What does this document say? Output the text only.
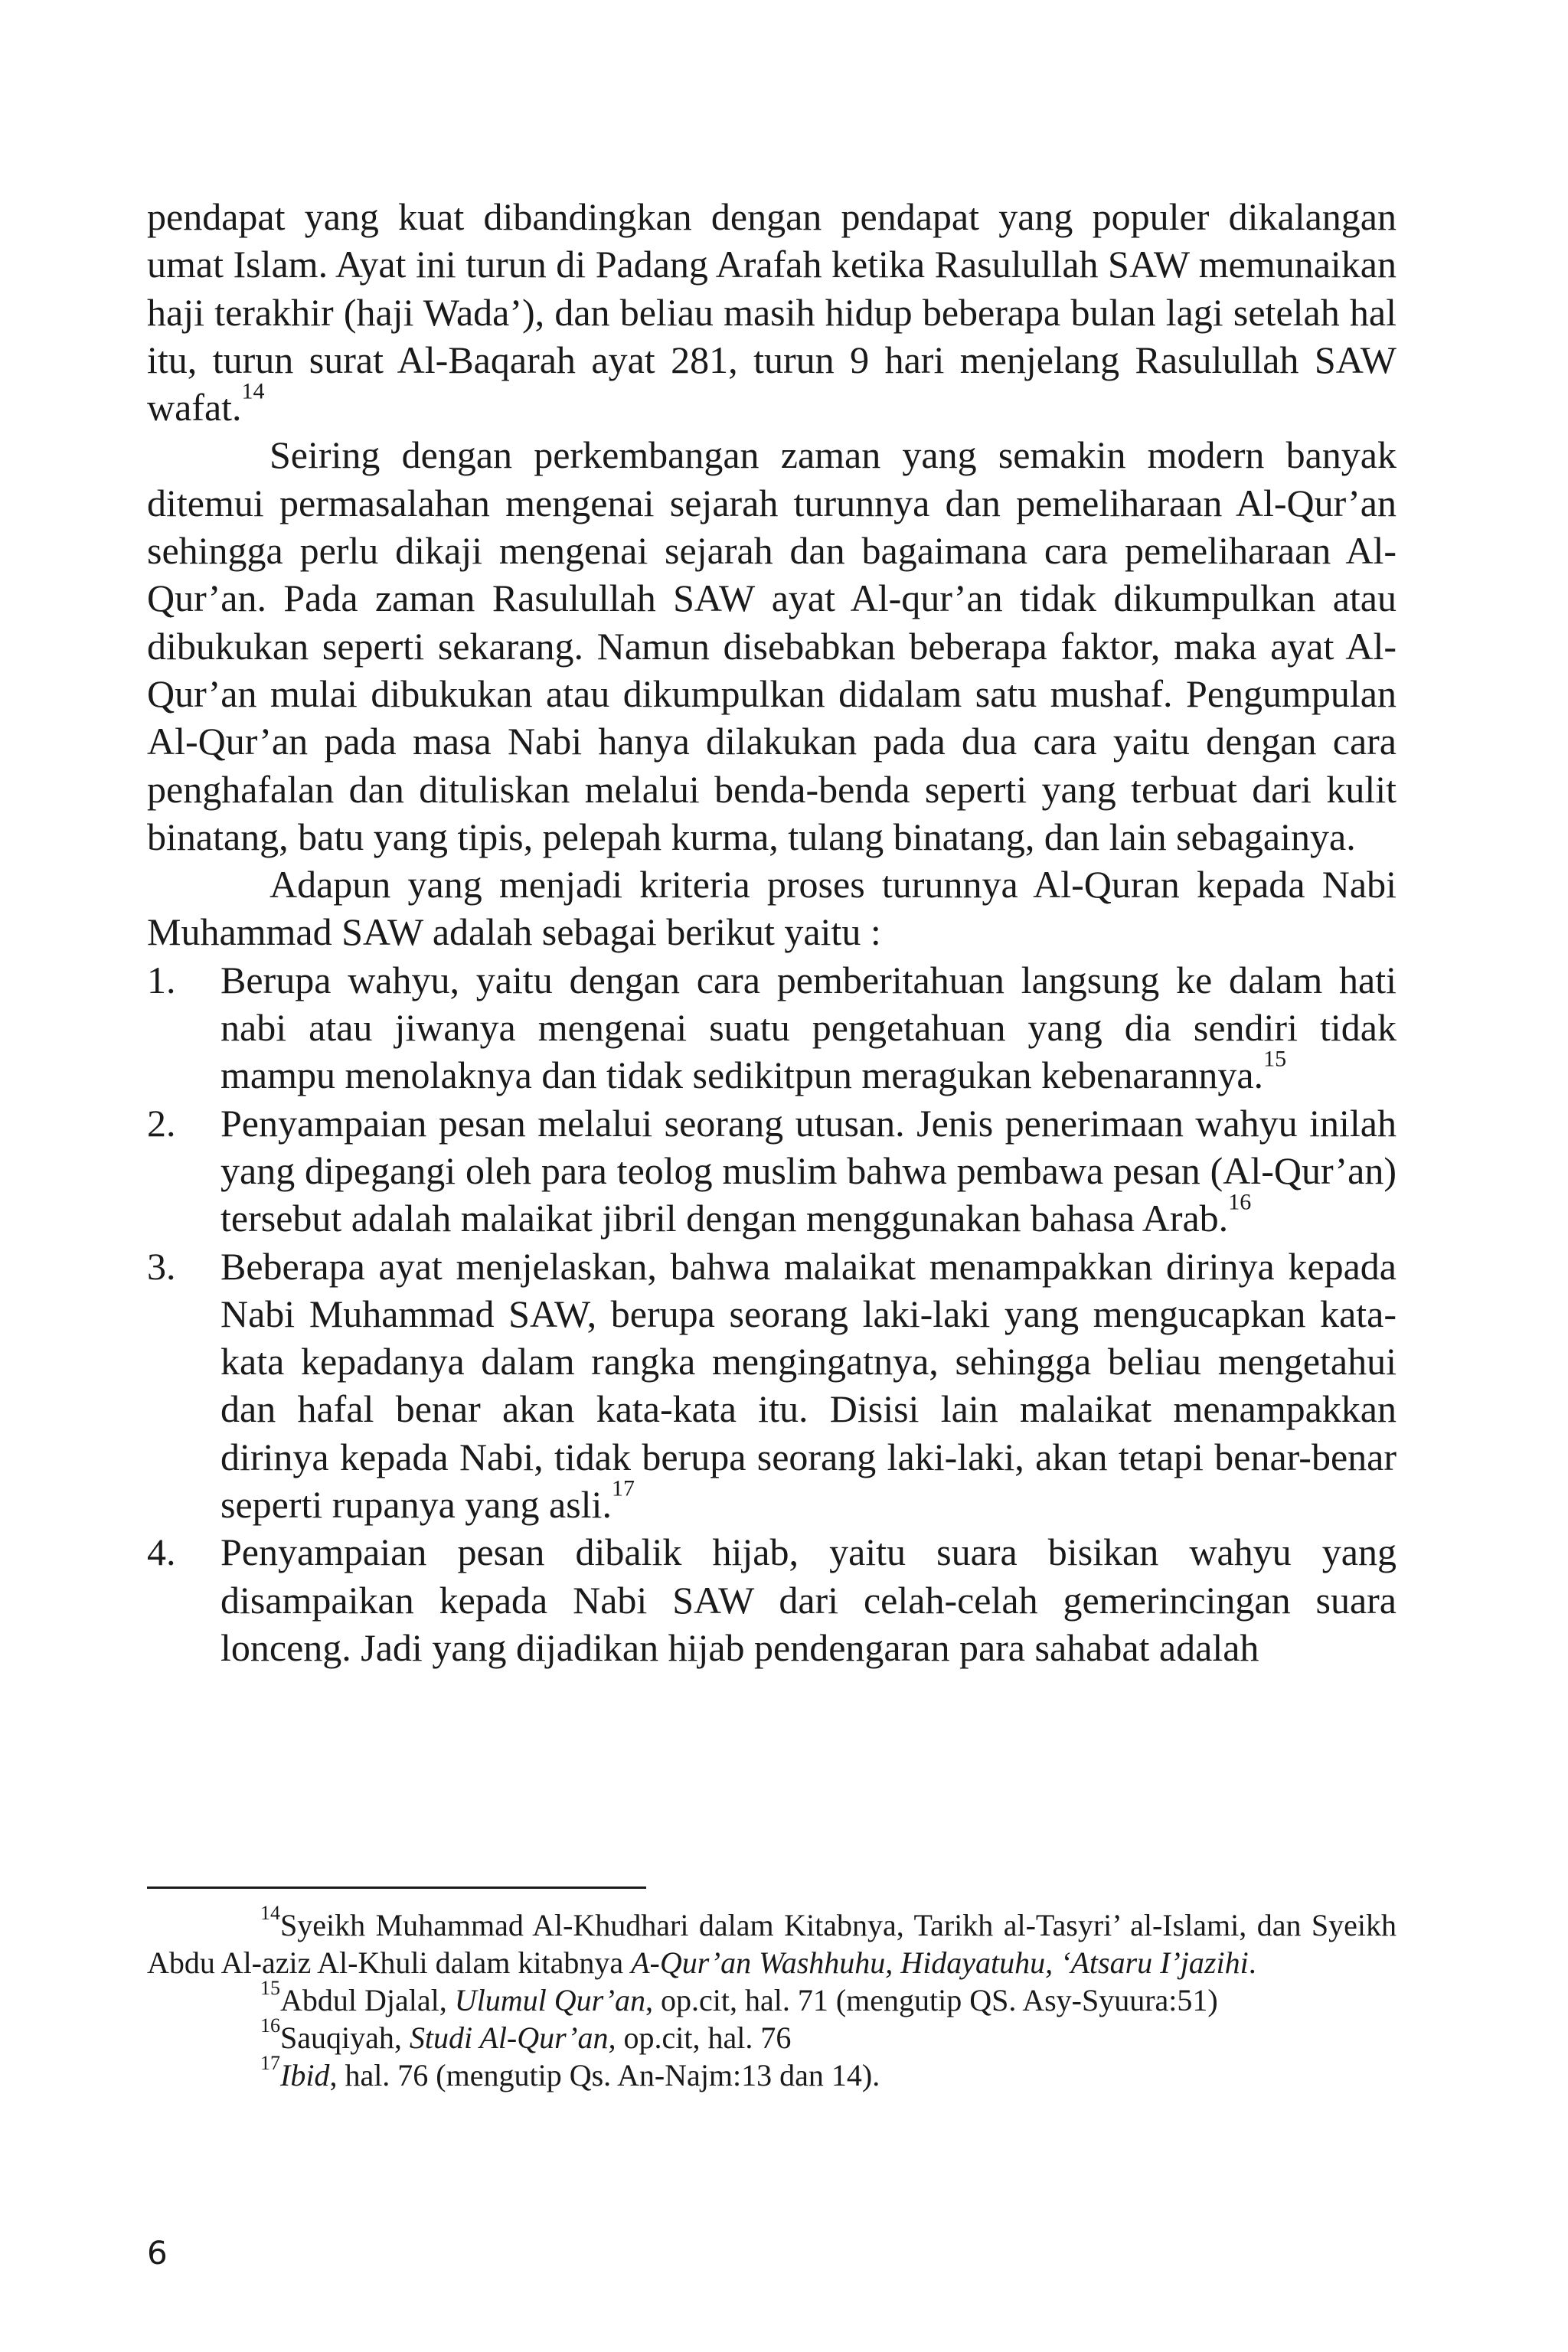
pendapat yang kuat dibandingkan dengan pendapat yang populer dikalangan umat Islam. Ayat ini turun di Padang Arafah ketika Rasulullah SAW memunaikan haji terakhir (haji Wada’), dan beliau masih hidup beberapa bulan lagi setelah hal itu, turun surat Al-Baqarah ayat 281, turun 9 hari menjelang Rasulullah SAW wafat.$^{14}$

Seiring dengan perkembangan zaman yang semakin modern banyak ditemui permasalahan mengenai sejarah turunnya dan pemeliharaan Al-Qur’an sehingga perlu dikaji mengenai sejarah dan bagaimana cara pemeliharaan Al-Qur’an. Pada zaman Rasulullah SAW ayat Al-qur’an tidak dikumpulkan atau dibukukan seperti sekarang. Namun disebabkan beberapa faktor, maka ayat Al-Qur’an mulai dibukukan atau dikumpulkan didalam satu mushaf. Pengumpulan Al-Qur’an pada masa Nabi hanya dilakukan pada dua cara yaitu dengan cara penghafalan dan dituliskan melalui benda-benda seperti yang terbuat dari kulit binatang, batu yang tipis, pelepah kurma, tulang binatang, dan lain sebagainya.

Adapun yang menjadi kriteria proses turunnya Al-Quran kepada Nabi Muhammad SAW adalah sebagai berikut yaitu :

1. Berupa wahyu, yaitu dengan cara pemberitahuan langsung ke dalam hati nabi atau jiwanya mengenai suatu pengetahuan yang dia sendiri tidak mampu menolaknya dan tidak sedikitpun meragukan kebenarannya.$^{15}$
2. Penyampaian pesan melalui seorang utusan. Jenis penerimaan wahyu inilah yang dipegangi oleh para teolog muslim bahwa pembawa pesan (Al-Qur’an) tersebut adalah malaikat jibril dengan menggunakan bahasa Arab.$^{16}$
3. Beberapa ayat menjelaskan, bahwa malaikat menampakkan dirinya kepada Nabi Muhammad SAW, berupa seorang laki-laki yang mengucapkan kata-kata kepadanya dalam rangka mengingatnya, sehingga beliau mengetahui dan hafal benar akan kata-kata itu. Disisi lain malaikat menampakkan dirinya kepada Nabi, tidak berupa seorang laki-laki, akan tetapi benar-benar seperti rupanya yang asli.$^{17}$
4. Penyampaian pesan dibalik hijab, yaitu suara bisikan wahyu yang disampaikan kepada Nabi SAW dari celah-celah gemerincingan suara lonceng. Jadi yang dijadikan hijab pendengaran para sahabat adalah

$^{14}$Syeikh Muhammad Al-Khudhari dalam Kitabnya, Tarikh al-Tasyri’ al-Islami, dan Syeikh Abdu Al-aziz Al-Khuli dalam kitabnya A-Qur’an Washhuhu, Hidayatuhu, ‘Atsaru I’jazihi.

$^{15}$Abdul Djalal, Ulumul Qur’an, op.cit, hal. 71 (mengutip QS. Asy-Syuura:51)

$^{16}$Sauqiyah, Studi Al-Qur’an, op.cit, hal. 76

$^{17}$Ibid, hal. 76 (mengutip Qs. An-Najm:13 dan 14).

6
